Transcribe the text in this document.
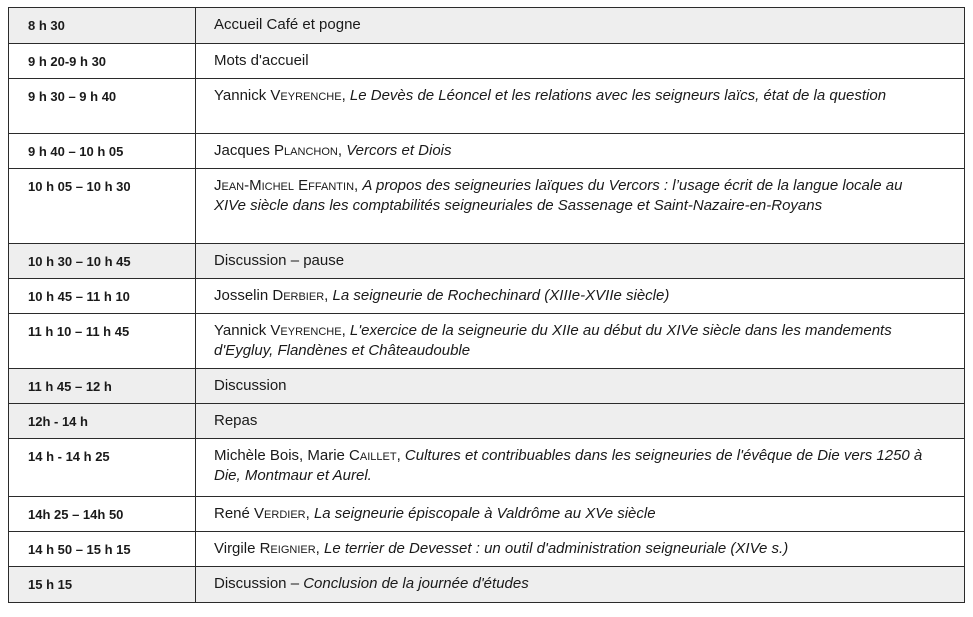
8 h 30	Accueil Café et pogne
9 h 20-9 h 30	Mots d'accueil
9 h 30 – 9 h 40	Yannick Veyrenche, Le Devès de Léoncel et les relations avec les seigneurs laïcs, état de la question
9 h 40 – 10 h 05	Jacques Planchon, Vercors et Diois
10 h 05 – 10 h 30	Jean-Michel Effantin, A propos des seigneuries laïques du Vercors : l’usage écrit de la langue locale au XIVe siècle dans les comptabilités seigneuriales de Sassenage et Saint-Nazaire-en-Royans
10 h 30 – 10 h 45	Discussion – pause
10 h 45 – 11 h 10	Josselin Derbier, La seigneurie de Rochechinard (XIIIe-XVIIe siècle)
11 h 10 – 11 h 45	Yannick Veyrenche, L'exercice de la seigneurie du XIIe au début du XIVe siècle dans les mandements d'Eygluy, Flandènes et Châteaudouble
11 h 45 – 12 h	Discussion
12h - 14 h	Repas
14 h - 14 h 25	Michèle Bois, Marie Caillet, Cultures et contribuables dans les seigneuries de l'évêque de Die vers 1250 à Die, Montmaur et Aurel.
14h 25 – 14h 50	René Verdier, La seigneurie épiscopale à Valdrôme au XVe siècle
14 h 50 – 15 h 15	Virgile Reignier, Le terrier de Devesset : un outil d'administration seigneuriale (XIVe s.)
15 h 15	Discussion – Conclusion de la journée d'études
